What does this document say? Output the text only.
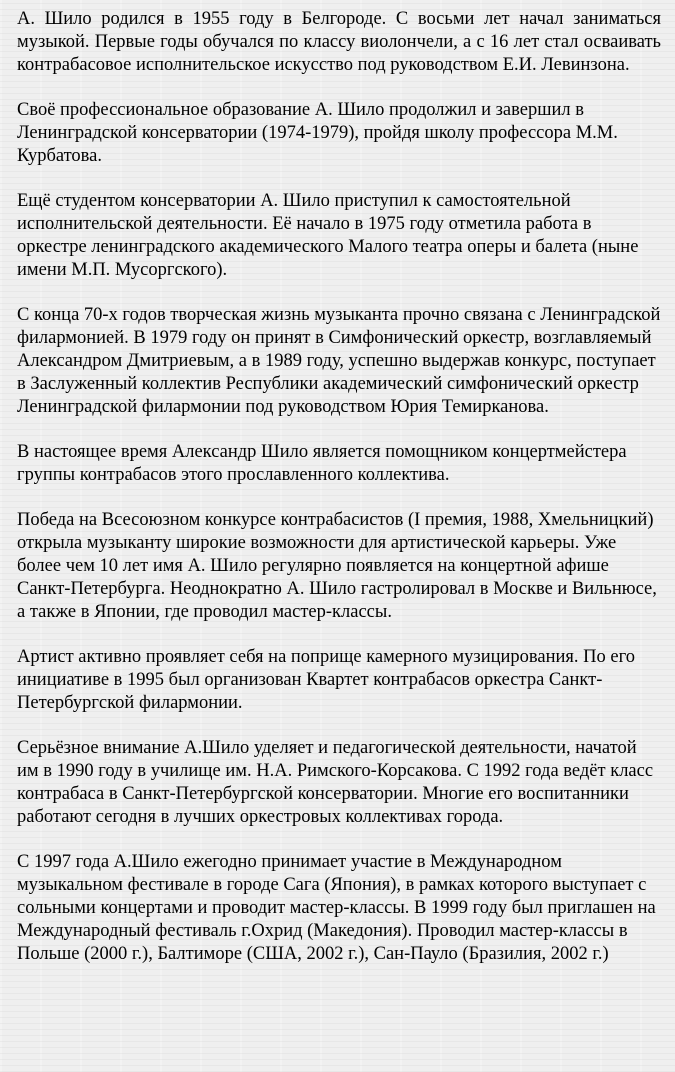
А. Шило родился в 1955 году в Белгороде. С восьми лет начал заниматься музыкой. Первые годы обучался по классу виолончели, а с 16 лет стал осваивать контрабасовое исполнительское искусство под руководством Е.И. Левинзона.

Своё профессиональное образование А. Шило продолжил и завершил в Ленинградской консерватории (1974-1979), пройдя школу профессора М.М. Курбатова.

Ещё студентом консерватории А. Шило приступил к самостоятельной исполнительской деятельности. Её начало в 1975 году отметила работа в оркестре ленинградского академического Малого театра оперы и балета (ныне имени М.П. Мусоргского).

С конца 70-х годов творческая жизнь музыканта прочно связана с Ленинградской филармонией. В 1979 году он принят в Симфонический оркестр, возглавляемый Александром Дмитриевым, а в 1989 году, успешно выдержав конкурс, поступает в Заслуженный коллектив Республики академический симфонический оркестр Ленинградской филармонии под руководством Юрия Темирканова.

В настоящее время Александр Шило является помощником концертмейстера группы контрабасов этого прославленного коллектива.

Победа на Всесоюзном конкурсе контрабасистов (I премия, 1988, Хмельницкий) открыла музыканту широкие возможности для артистической карьеры. Уже более чем 10 лет имя А. Шило регулярно появляется на концертной афише Санкт-Петербурга. Неоднократно А. Шило гастролировал в Москве и Вильнюсе, а также в Японии, где проводил мастер-классы.

Артист активно проявляет себя на поприще камерного музицирования. По его инициативе в 1995 был организован Квартет контрабасов оркестра Санкт-Петербургской филармонии.

Серьёзное внимание А.Шило уделяет и педагогической деятельности, начатой им в 1990 году в училище им. Н.А. Римского-Корсакова. С 1992 года ведёт класс контрабаса в Санкт-Петербургской консерватории. Многие его воспитанники работают сегодня в лучших оркестровых коллективах города.

С 1997 года А.Шило ежегодно принимает участие в Международном музыкальном фестивале в городе Сага (Япония), в рамках которого выступает с сольными концертами и проводит мастер-классы. В 1999 году был приглашен на Международный фестиваль г.Охрид (Македония). Проводил мастер-классы в Польше (2000 г.), Балтиморе (США, 2002 г.), Сан-Пауло (Бразилия, 2002 г.)
